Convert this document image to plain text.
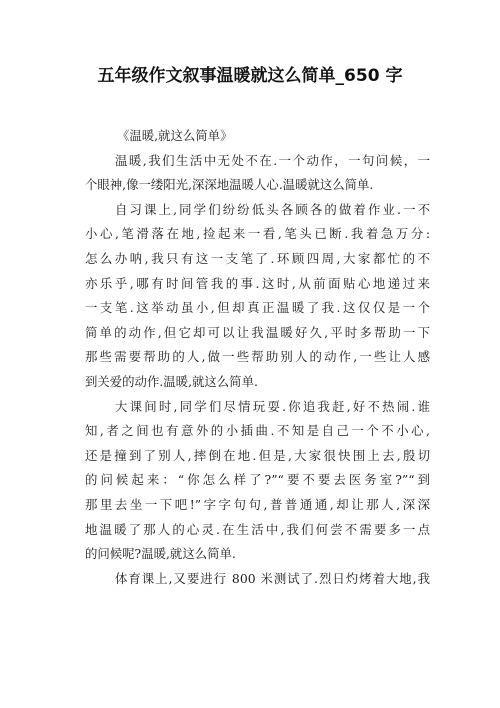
五年级作文叙事温暖就这么简单_650 字

《温暖,就这么简单》

温暖,我们生活中无处不在.一个动作，一句问候，一
个眼神,像一缕阳光,深深地温暖人心.温暖就这么简单.

自习课上,同学们纷纷低头各顾各的做着作业.一不
小心,笔滑落在地,捡起来一看,笔头已断.我着急万分:
怎么办呐,我只有这一支笔了.环顾四周,大家都忙的不
亦乐乎,哪有时间管我的事.这时,从前面贴心地递过来
一支笔.这举动虽小,但却真正温暖了我.这仅仅是一个
简单的动作,但它却可以让我温暖好久,平时多帮助一下
那些需要帮助的人,做一些帮助别人的动作,一些让人感
到关爱的动作.温暖,就这么简单.

大课间时,同学们尽情玩耍.你追我赶,好不热闹.谁
知,者之间也有意外的小插曲.不知是自己一个不小心,
还是撞到了别人,摔倒在地.但是,大家很快围上去,殷切
的问候起来：“你怎么样了?”“要不要去医务室?”“到
那里去坐一下吧!”字字句句,普普通通,却让那人,深深
地温暖了那人的心灵.在生活中,我们何尝不需要多一点
的问候呢?温暖,就这么简单.

体育课上,又要进行 800 米测试了.烈日灼烤着大地,我
